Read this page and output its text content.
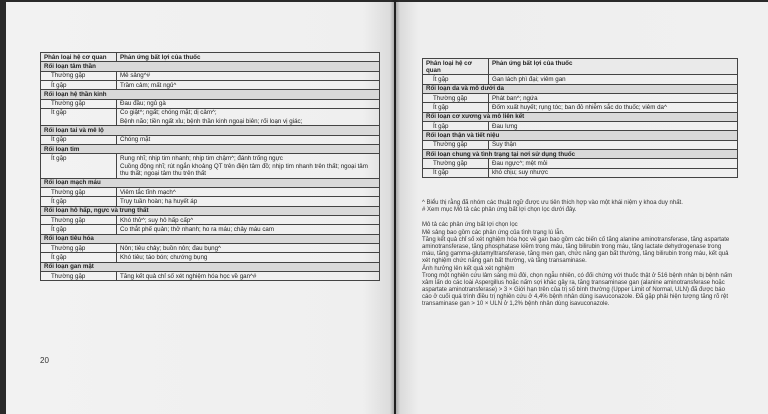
Phân loại hệ cơ quan	Phản ứng bất lợi của thuốc
Rối loạn tâm thần	
Thường gặp	Mê sảng^#
Ít gặp	Trầm cảm; mất ngủ^
Rối loạn hệ thần kinh	
Thường gặp	Đau đầu; ngủ gà
Ít gặp	Co giật^; ngất; chóng mặt; dị cảm^;
Bệnh não; tiền ngất xỉu; bệnh thần kinh ngoại biên; rối loạn vị giác;

Rối loạn tai và mê lộ	
Ít gặp	Chóng mặt
Rối loạn tim	
Ít gặp	Rung nhĩ; nhịp tim nhanh; nhịp tim chậm^; đánh trống ngực
Cuồng động nhĩ; rút ngắn khoảng QT trên điện tâm đồ; nhịp tim nhanh trên thất; ngoại tâm thu thất; ngoại tâm thu trên thất

Rối loạn mạch máu	
Thường gặp	Viêm tắc tĩnh mạch^
Ít gặp	Trụy tuần hoàn; hạ huyết áp
Rối loạn hô hấp, ngực và trung thất	
Thường gặp	Khó thở^; suy hô hấp cấp^
Ít gặp	Co thắt phế quản; thở nhanh; ho ra máu; chảy máu cam
Rối loạn tiêu hóa	
Thường gặp	Nôn; tiêu chảy; buồn nôn; đau bụng^
Ít gặp	Khó tiêu; táo bón; chướng bụng
Rối loạn gan mật	
Thường gặp	Tăng kết quả chỉ số xét nghiệm hóa học về gan^#
20
Phân loại hệ cơ quan	Phản ứng bất lợi của thuốc
Ít gặp	Gan lách phì đại; viêm gan
Rối loạn da và mô dưới da	
Thường gặp	Phát ban^; ngứa
Ít gặp	Đốm xuất huyết; rụng tóc; ban đỏ nhiễm sắc do thuốc; viêm da^
Rối loạn cơ xương và mô liên kết	
Ít gặp	Đau lưng
Rối loạn thận và tiết niệu	
Thường gặp	Suy thận
Rối loạn chung và tình trạng tại nơi sử dụng thuốc	
Thường gặp	Đau ngực^; mệt mỏi
Ít gặp	khó chịu; suy nhược

^ Biểu thị rằng đã nhóm các thuật ngữ được ưu tiên thích hợp vào một khái niệm y khoa duy nhất.

# Xem mục Mô tả các phản ứng bất lợi chọn lọc dưới đây.

Mô tả các phản ứng bất lợi chọn lọc

Mê sảng bao gồm các phản ứng của tình trạng lú lẫn.

Tăng kết quả chỉ số xét nghiệm hóa học về gan bao gồm các biến cố tăng alanine aminotransferase, tăng aspartate

aminotransferase, tăng phosphatase kiềm trong máu, tăng bilirubin trong máu, tăng lactate dehydrogenase trong

máu, tăng gamma-glutamyltransferase, tăng men gan, chức năng gan bất thường, tăng bilirubin trong máu, kết quả

xét nghiệm chức năng gan bất thường, và tăng transaminase.

Ảnh hưởng lên kết quả xét nghiệm

Trong một nghiên cứu lâm sàng mù đôi, chọn ngẫu nhiên, có đối chứng với thuốc thật ở 516 bệnh nhân bị bệnh nấm

xâm lấn do các loài Aspergillus hoặc nấm sợi khác gây ra, tăng transaminase gan (alanine aminotransferase hoặc

aspartate aminotransferase) > 3 × Giới hạn trên của trị số bình thường (Upper Limit of Normal, ULN) đã được báo

cáo ở cuối quá trình điều trị nghiên cứu ở 4,4% bệnh nhân dùng isavuconazole. Đã gặp phải hiện tượng tăng rõ rệt

transaminase gan > 10 × ULN ở 1,2% bệnh nhân dùng isavuconazole.
